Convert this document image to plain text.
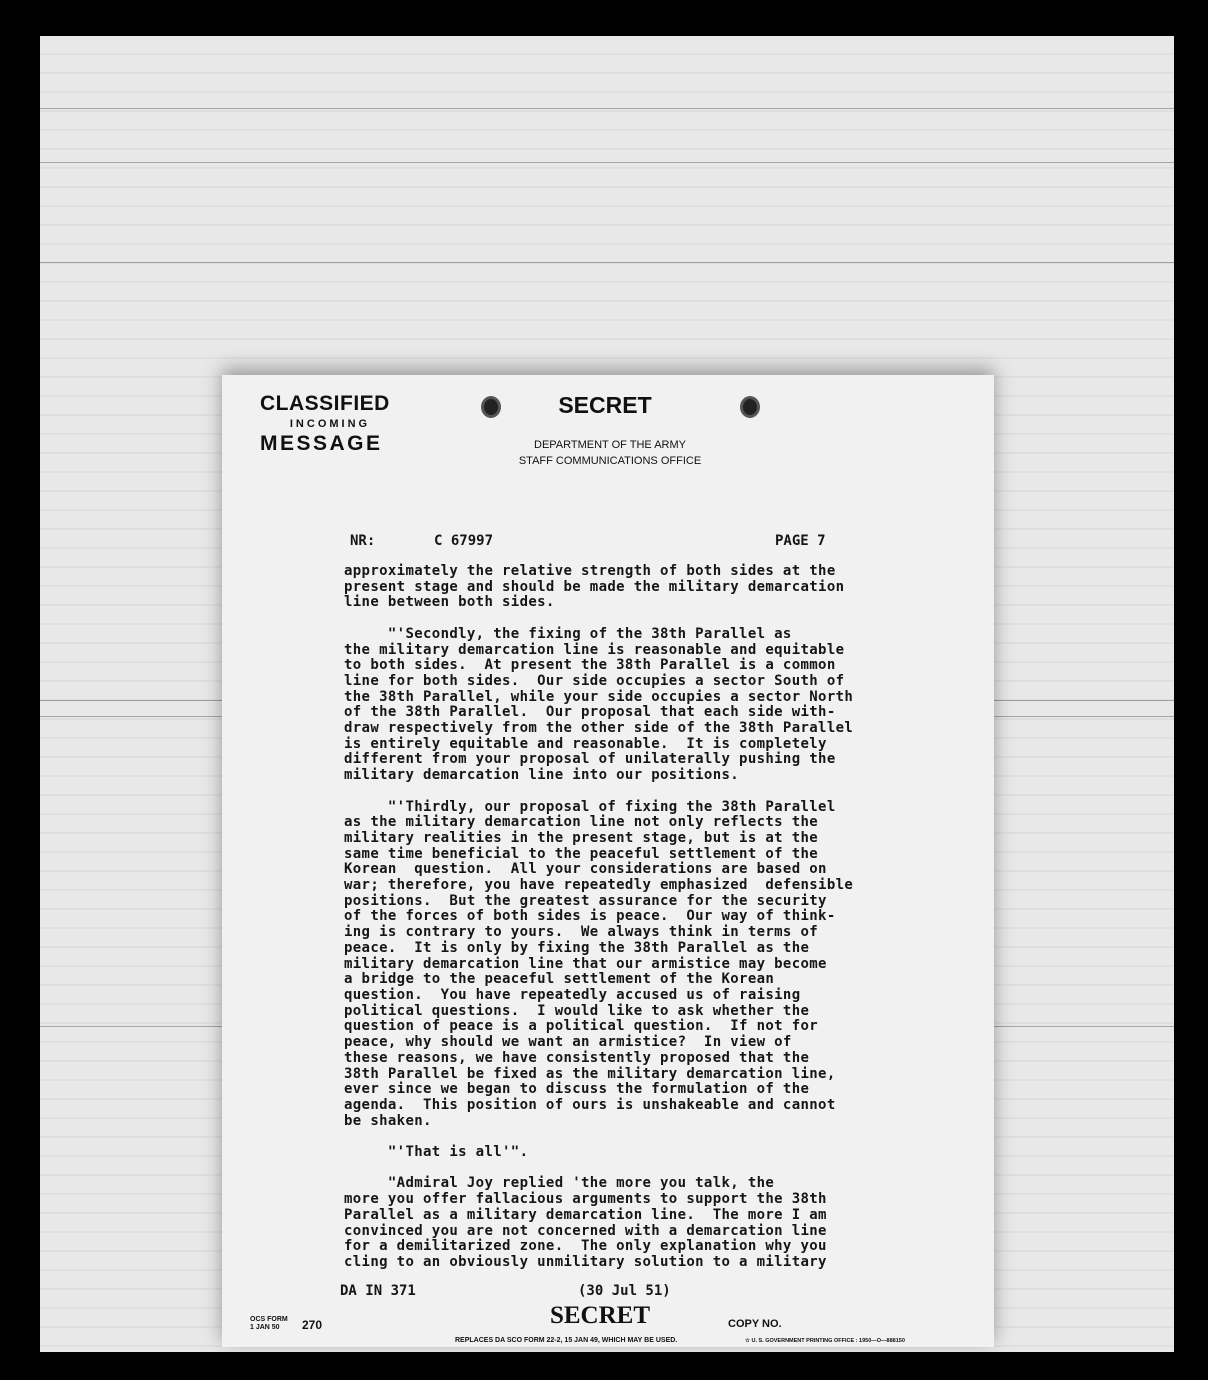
CLASSIFIED
INCOMING
MESSAGE
SECRET
DEPARTMENT OF THE ARMY
STAFF COMMUNICATIONS OFFICE
NR:	C 67997	PAGE 7

approximately the relative strength of both sides at the

present stage and should be made the military demarcation

line between both sides.

"'Secondly, the fixing of the 38th Parallel as

the military demarcation line is reasonable and equitable

to both sides.  At present the 38th Parallel is a common

line for both sides.  Our side occupies a sector South of

the 38th Parallel, while your side occupies a sector North

of the 38th Parallel.  Our proposal that each side with-

draw respectively from the other side of the 38th Parallel

is entirely equitable and reasonable.  It is completely

different from your proposal of unilaterally pushing the

military demarcation line into our positions.

"'Thirdly, our proposal of fixing the 38th Parallel

as the military demarcation line not only reflects the

military realities in the present stage, but is at the

same time beneficial to the peaceful settlement of the

Korean  question.  All your considerations are based on

war; therefore, you have repeatedly emphasized  defensible

positions.  But the greatest assurance for the security

of the forces of both sides is peace.  Our way of think-

ing is contrary to yours.  We always think in terms of

peace.  It is only by fixing the 38th Parallel as the

military demarcation line that our armistice may become

a bridge to the peaceful settlement of the Korean

question.  You have repeatedly accused us of raising

political questions.  I would like to ask whether the

question of peace is a political question.  If not for

peace, why should we want an armistice?  In view of

these reasons, we have consistently proposed that the

38th Parallel be fixed as the military demarcation line,

ever since we began to discuss the formulation of the

agenda.  This position of ours is unshakeable and cannot

be shaken.

"'That is all'".

"Admiral Joy replied 'the more you talk, the

more you offer fallacious arguments to support the 38th

Parallel as a military demarcation line.  The more I am

convinced you are not concerned with a demarcation line

for a demilitarized zone.  The only explanation why you

cling to an obviously unmilitary solution to a military

DA IN 371	(30 Jul 51)
OCS FORM
1 JAN 50	270	SECRET	COPY NO.
REPLACES DA SCO FORM 22-2, 15 JAN 49, WHICH MAY BE USED.	☆ U. S. GOVERNMENT PRINTING OFFICE : 1950—O—888150
